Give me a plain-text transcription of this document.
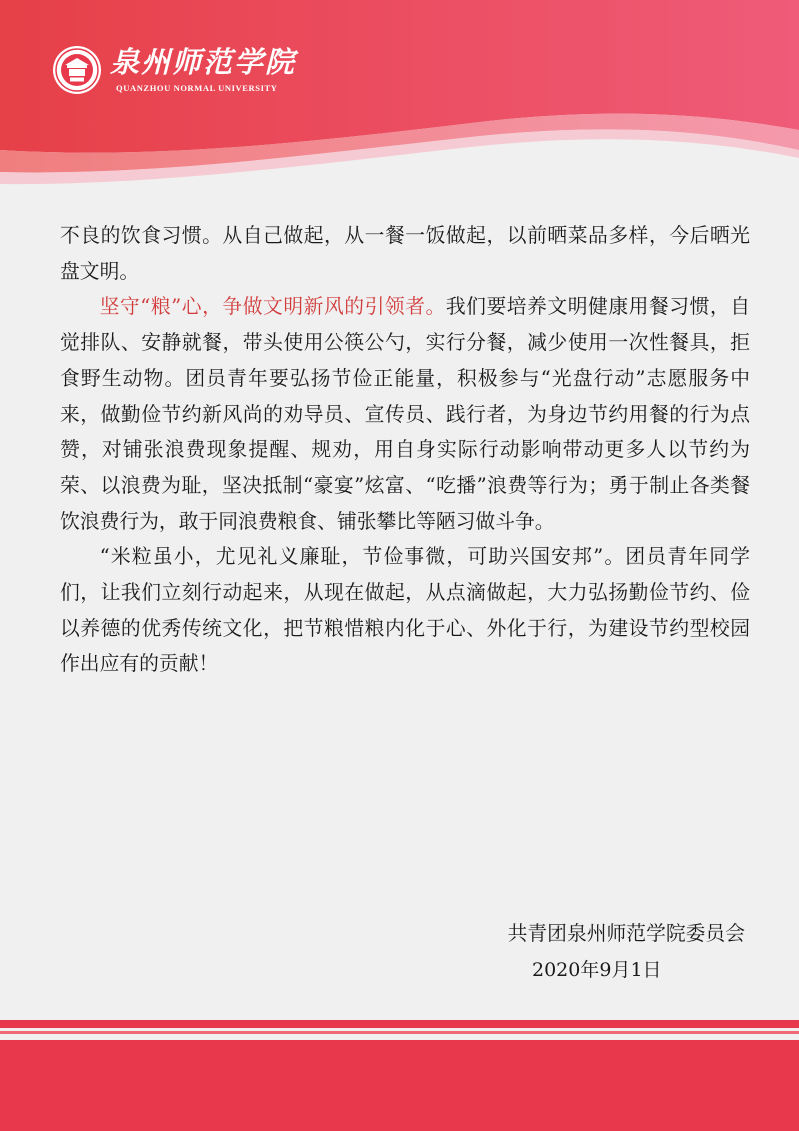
泉州师范学院
QUANZHOU NORMAL UNIVERSITY

不良的饮食习惯。从自己做起，从一餐一饭做起，以前晒菜品多样，今后晒光盘文明。

坚守“粮”心，争做文明新风的引领者。我们要培养文明健康用餐习惯，自觉排队、安静就餐，带头使用公筷公勺，实行分餐，减少使用一次性餐具，拒食野生动物。团员青年要弘扬节俭正能量，积极参与“光盘行动”志愿服务中来，做勤俭节约新风尚的劝导员、宣传员、践行者，为身边节约用餐的行为点赞，对铺张浪费现象提醒、规劝，用自身实际行动影响带动更多人以节约为荣、以浪费为耻，坚决抵制“豪宴”炫富、“吃播”浪费等行为；勇于制止各类餐饮浪费行为，敢于同浪费粮食、铺张攀比等陋习做斗争。

“米粒虽小，尤见礼义廉耻，节俭事微，可助兴国安邦”。团员青年同学们，让我们立刻行动起来，从现在做起，从点滴做起，大力弘扬勤俭节约、俭以养德的优秀传统文化，把节粮惜粮内化于心、外化于行，为建设节约型校园作出应有的贡献！

共青团泉州师范学院委员会
2020年9月1日
